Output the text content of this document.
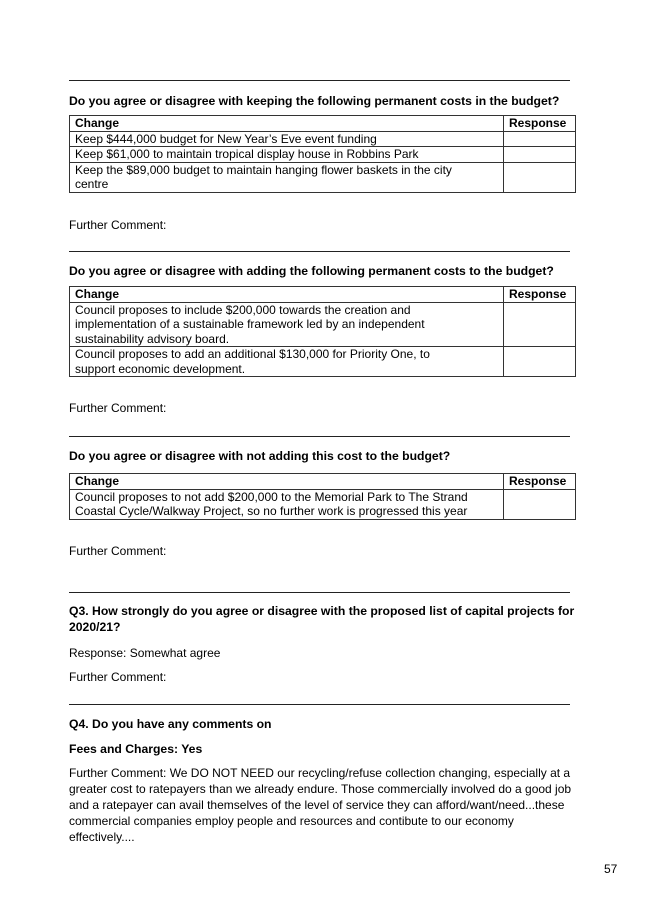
Do you agree or disagree with keeping the following permanent costs in the budget?

Change	Response
Keep $444,000 budget for New Year’s Eve event funding	
Keep $61,000 to maintain tropical display house in Robbins Park	
Keep the $89,000 budget to maintain hanging flower baskets in the city centre	

Further Comment:

Do you agree or disagree with adding the following permanent costs to the budget?

Change	Response
Council proposes to include $200,000 towards the creation and implementation of a sustainable framework led by an independent sustainability advisory board.	
Council proposes to add an additional $130,000 for Priority One, to support economic development.	

Further Comment:

Do you agree or disagree with not adding this cost to the budget?

Change	Response
Council proposes to not add $200,000 to the Memorial Park to The Strand Coastal Cycle/Walkway Project, so no further work is progressed this year	

Further Comment:

Q3. How strongly do you agree or disagree with the proposed list of capital projects for 2020/21?

Response: Somewhat agree

Further Comment:

Q4. Do you have any comments on

Fees and Charges: Yes

Further Comment: We DO NOT NEED our recycling/refuse collection changing, especially at a greater cost to ratepayers than we already endure. Those commercially involved do a good job and a ratepayer can avail themselves of the level of service they can afford/want/need...these commercial companies employ people and resources and contibute to our economy effectively....

57
